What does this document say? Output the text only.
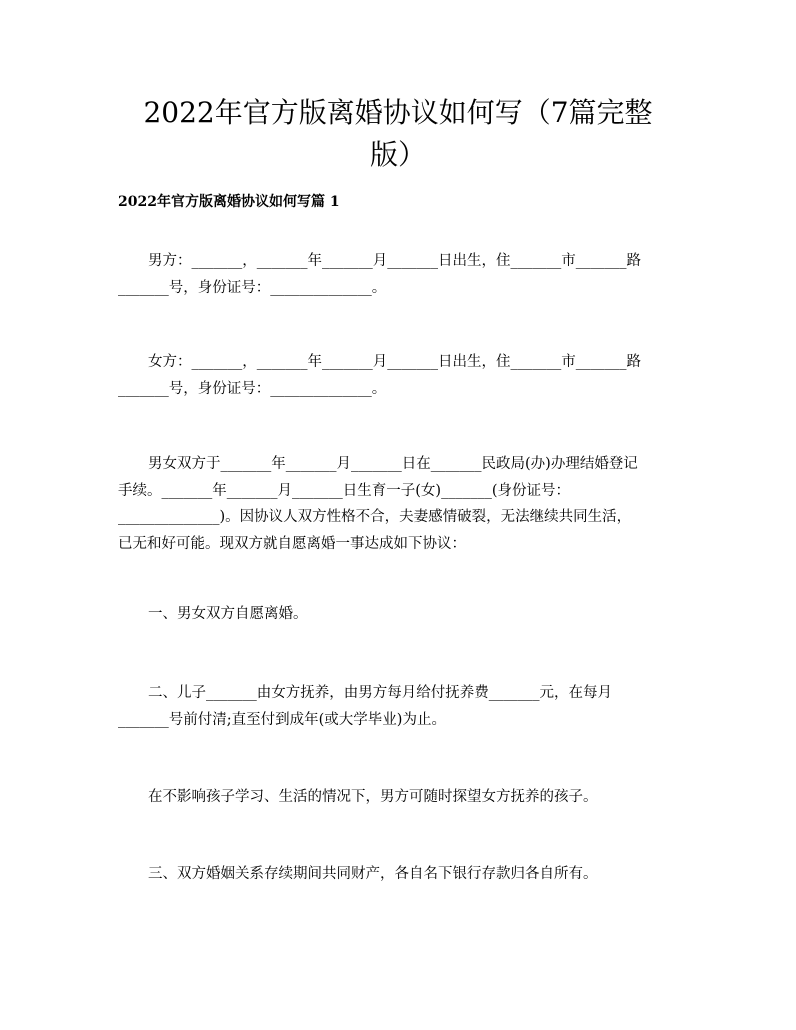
2022年官方版离婚协议如何写（7篇完整
版）
2022年官方版离婚协议如何写篇 1
男方：_______，_______年_______月_______日出生，住_______市_______路
_______号，身份证号：______________。
女方：_______，_______年_______月_______日出生，住_______市_______路
_______号，身份证号：______________。
男女双方于_______年_______月_______日在_______民政局(办)办理结婚登记
手续。_______年_______月_______日生育一子(女)_______(身份证号：
______________)。因协议人双方性格不合，夫妻感情破裂，无法继续共同生活，
已无和好可能。现双方就自愿离婚一事达成如下协议：
一、男女双方自愿离婚。
二、儿子_______由女方抚养，由男方每月给付抚养费_______元，在每月
_______号前付清;直至付到成年(或大学毕业)为止。
在不影响孩子学习、生活的情况下，男方可随时探望女方抚养的孩子。
三、双方婚姻关系存续期间共同财产，各自名下银行存款归各自所有。
